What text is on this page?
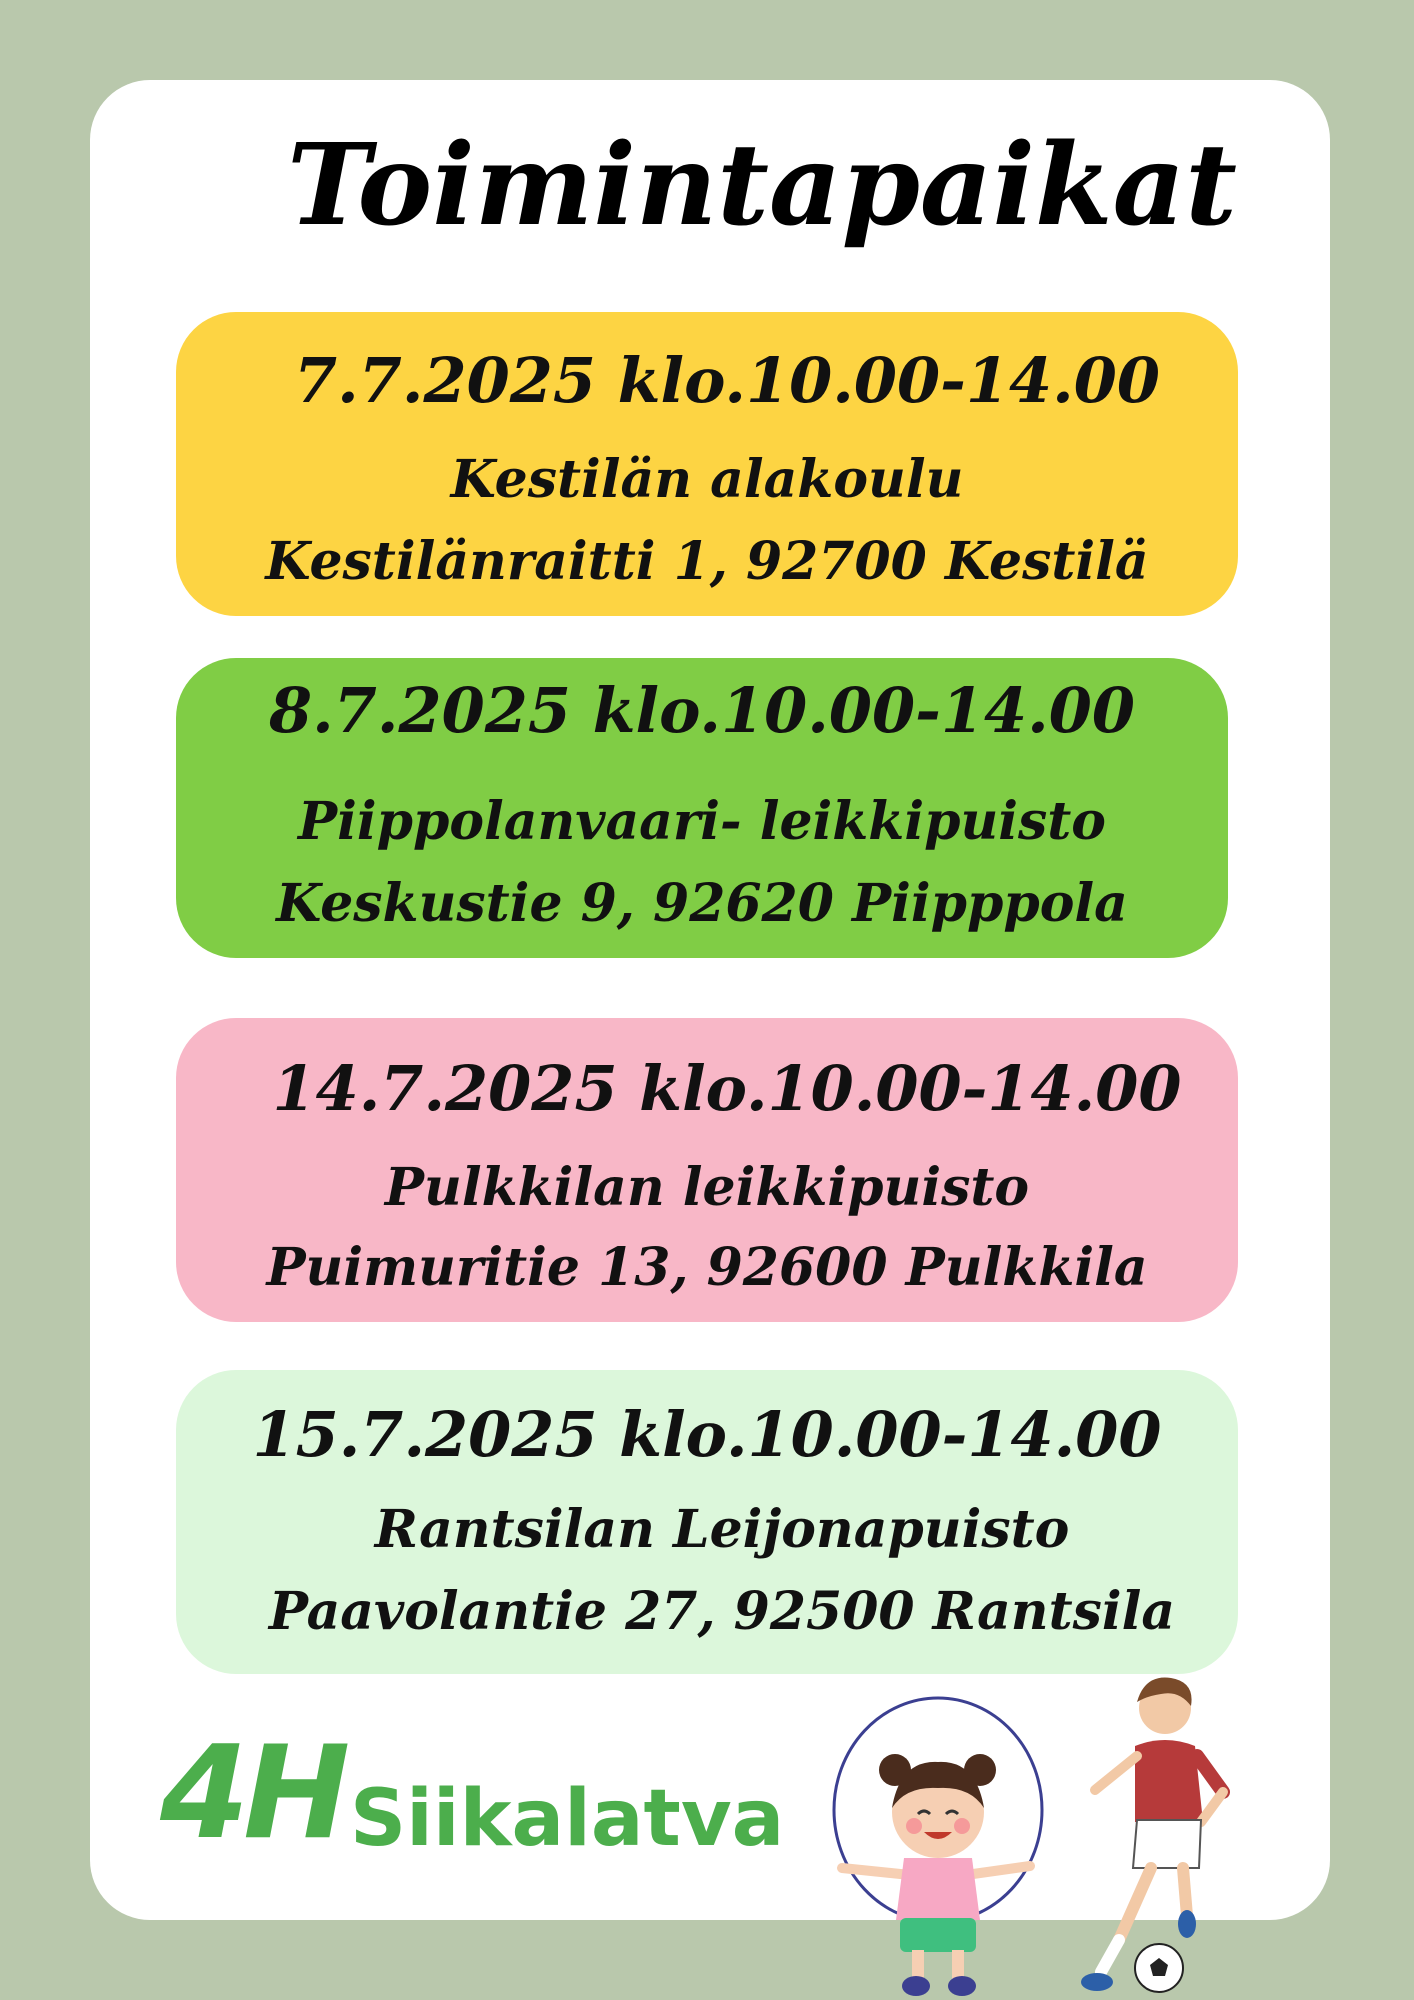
Toimintapaikat
7.7.2025 klo.10.00-14.00
Kestilän alakoulu
Kestilänraitti 1, 92700 Kestilä
8.7.2025 klo.10.00-14.00
Piippolanvaari- leikkipuisto
Keskustie 9, 92620 Piipppola
14.7.2025 klo.10.00-14.00
Pulkkilan leikkipuisto
Puimuritie 13, 92600 Pulkkila
15.7.2025 klo.10.00-14.00
Rantsilan Leijonapuisto
Paavolantie 27, 92500 Rantsila
4H Siikalatva
